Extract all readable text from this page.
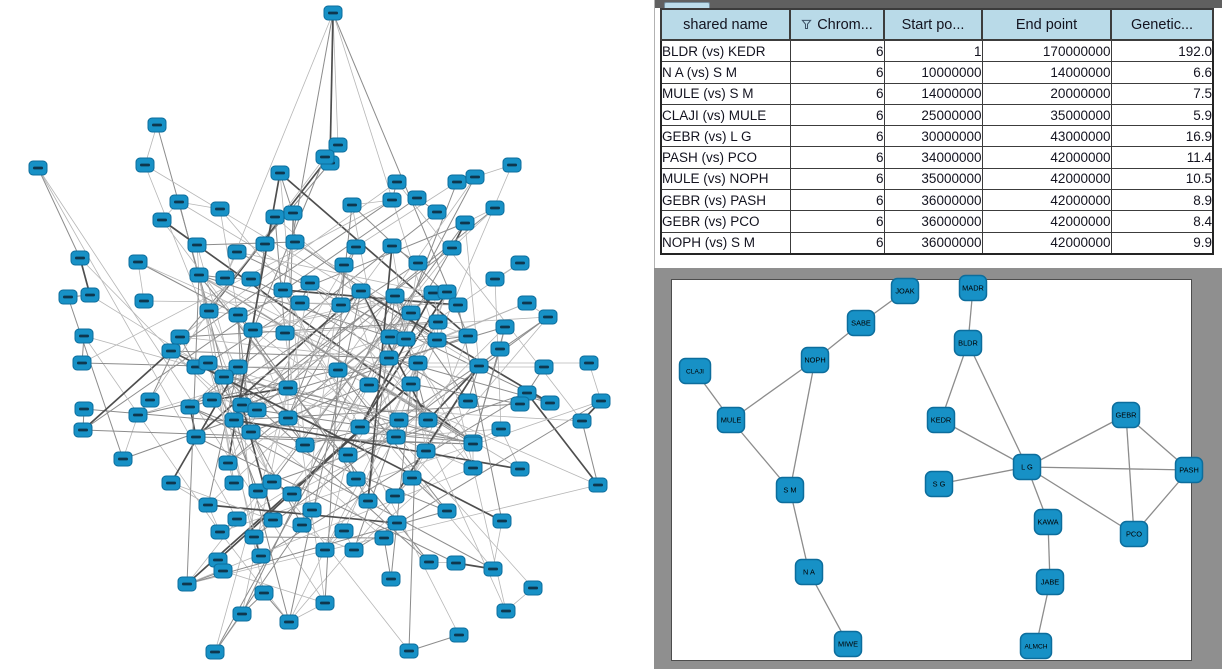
shared name	Chrom...	Start po...	End point	Genetic...
BLDR (vs) KEDR	6	1	170000000	192.0
N A (vs) S M	6	10000000	14000000	6.6
MULE (vs) S M	6	14000000	20000000	7.5
CLAJI (vs) MULE	6	25000000	35000000	5.9
GEBR (vs) L G	6	30000000	43000000	16.9
PASH (vs) PCO	6	34000000	42000000	11.4
MULE (vs) NOPH	6	35000000	42000000	10.5
GEBR (vs) PASH	6	36000000	42000000	8.9
GEBR (vs) PCO	6	36000000	42000000	8.4
NOPH (vs) S M	6	36000000	42000000	9.9
JOAK
SABE
NOPH
CLAJI
MULE
S M
N A
MIWE
MADR
BLDR
KEDR
S G
L G
GEBR
PASH
KAWA
PCO
JABE
ALMCH
